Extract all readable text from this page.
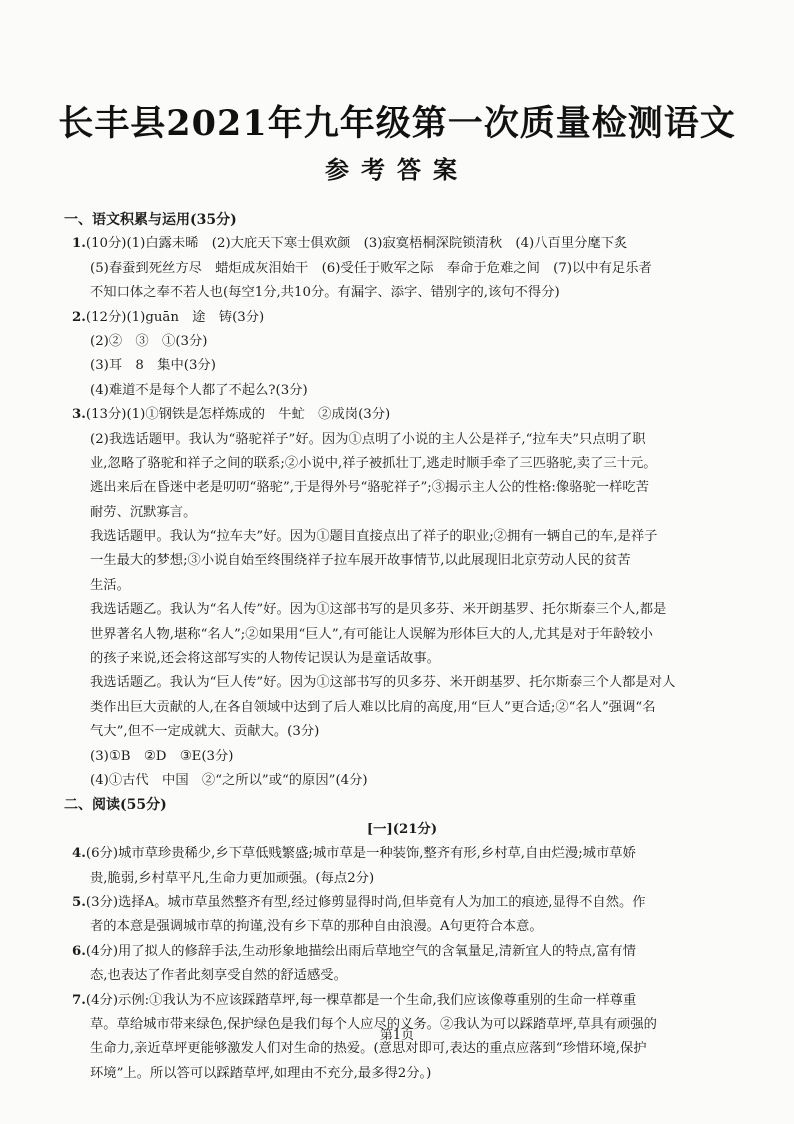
长丰县2021年九年级第一次质量检测语文
参考答案
一、语文积累与运用(35分)
1.(10分)(1)白露未晞　(2)大庇天下寒士俱欢颜　(3)寂寞梧桐深院锁清秋　(4)八百里分麾下炙
(5)春蚕到死丝方尽　蜡炬成灰泪始干　(6)受任于败军之际　奉命于危难之间　(7)以中有足乐者
不知口体之奉不若人也(每空1分,共10分。有漏字、添字、错别字的,该句不得分)
2.(12分)(1)guān　途　铸(3分)
(2)②　③　①(3分)
(3)耳　8　集中(3分)
(4)难道不是每个人都了不起么?(3分)
3.(13分)(1)①钢铁是怎样炼成的　牛虻　②成岗(3分)
(2)我选话题甲。我认为“骆驼祥子”好。因为①点明了小说的主人公是祥子,“拉车夫”只点明了职
业,忽略了骆驼和祥子之间的联系;②小说中,祥子被抓壮丁,逃走时顺手牵了三匹骆驼,卖了三十元。
逃出来后在昏迷中老是叨叨“骆驼”,于是得外号“骆驼祥子”;③揭示主人公的性格:像骆驼一样吃苦
耐劳、沉默寡言。
我选话题甲。我认为“拉车夫”好。因为①题目直接点出了祥子的职业;②拥有一辆自己的车,是祥子
一生最大的梦想;③小说自始至终围绕祥子拉车展开故事情节,以此展现旧北京劳动人民的贫苦
生活。
我选话题乙。我认为“名人传”好。因为①这部书写的是贝多芬、米开朗基罗、托尔斯泰三个人,都是
世界著名人物,堪称“名人”;②如果用“巨人”,有可能让人误解为形体巨大的人,尤其是对于年龄较小
的孩子来说,还会将这部写实的人物传记误认为是童话故事。
我选话题乙。我认为“巨人传”好。因为①这部书写的贝多芬、米开朗基罗、托尔斯泰三个人都是对人
类作出巨大贡献的人,在各自领域中达到了后人难以比肩的高度,用“巨人”更合适;②“名人”强调“名
气大”,但不一定成就大、贡献大。(3分)
(3)①B　②D　③E(3分)
(4)①古代　中国　②“之所以”或“的原因”(4分)
二、阅读(55分)
[一](21分)
4.(6分)城市草珍贵稀少,乡下草低贱繁盛;城市草是一种装饰,整齐有形,乡村草,自由烂漫;城市草娇
贵,脆弱,乡村草平凡,生命力更加顽强。(每点2分)
5.(3分)选择A。城市草虽然整齐有型,经过修剪显得时尚,但毕竟有人为加工的痕迹,显得不自然。作
者的本意是强调城市草的拘谨,没有乡下草的那种自由浪漫。A句更符合本意。
6.(4分)用了拟人的修辞手法,生动形象地描绘出雨后草地空气的含氧量足,清新宜人的特点,富有情
态,也表达了作者此刻享受自然的舒适感受。
7.(4分)示例:①我认为不应该踩踏草坪,每一棵草都是一个生命,我们应该像尊重别的生命一样尊重
草。草给城市带来绿色,保护绿色是我们每个人应尽的义务。②我认为可以踩踏草坪,草具有顽强的
生命力,亲近草坪更能够激发人们对生命的热爱。(意思对即可,表达的重点应落到“珍惜环境,保护
环境”上。所以答可以踩踏草坪,如理由不充分,最多得2分。)
第1页
